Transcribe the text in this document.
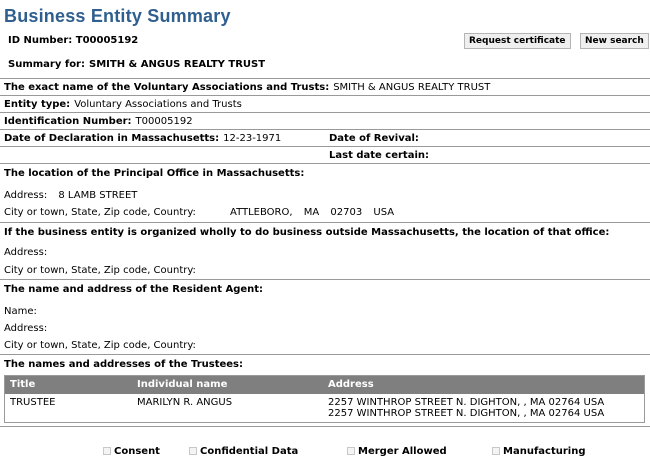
Business Entity Summary
ID Number: T00005192	Request certificate	New search
Summary for: SMITH & ANGUS REALTY TRUST
The exact name of the Voluntary Associations and Trusts: SMITH & ANGUS REALTY TRUST
Entity type: Voluntary Associations and Trusts
Identification Number: T00005192
Date of Declaration in Massachusetts: 12-23-1971	Date of Revival:
Last date certain:
The location of the Principal Office in Massachusetts:
Address: 8 LAMB STREET
City or town, State, Zip code, Country:	ATTLEBORO, MA 02703 USA
If the business entity is organized wholly to do business outside Massachusetts, the location of that office:
Address:
City or town, State, Zip code, Country:
The name and address of the Resident Agent:
Name:
Address:
City or town, State, Zip code, Country:
The names and addresses of the Trustees:
Title	Individual name	Address
TRUSTEE	MARILYN R. ANGUS	2257 WINTHROP STREET N. DIGHTON, , MA 02764 USA
2257 WINTHROP STREET N. DIGHTON, , MA 02764 USA
Consent	Confidential Data	Merger Allowed	Manufacturing
